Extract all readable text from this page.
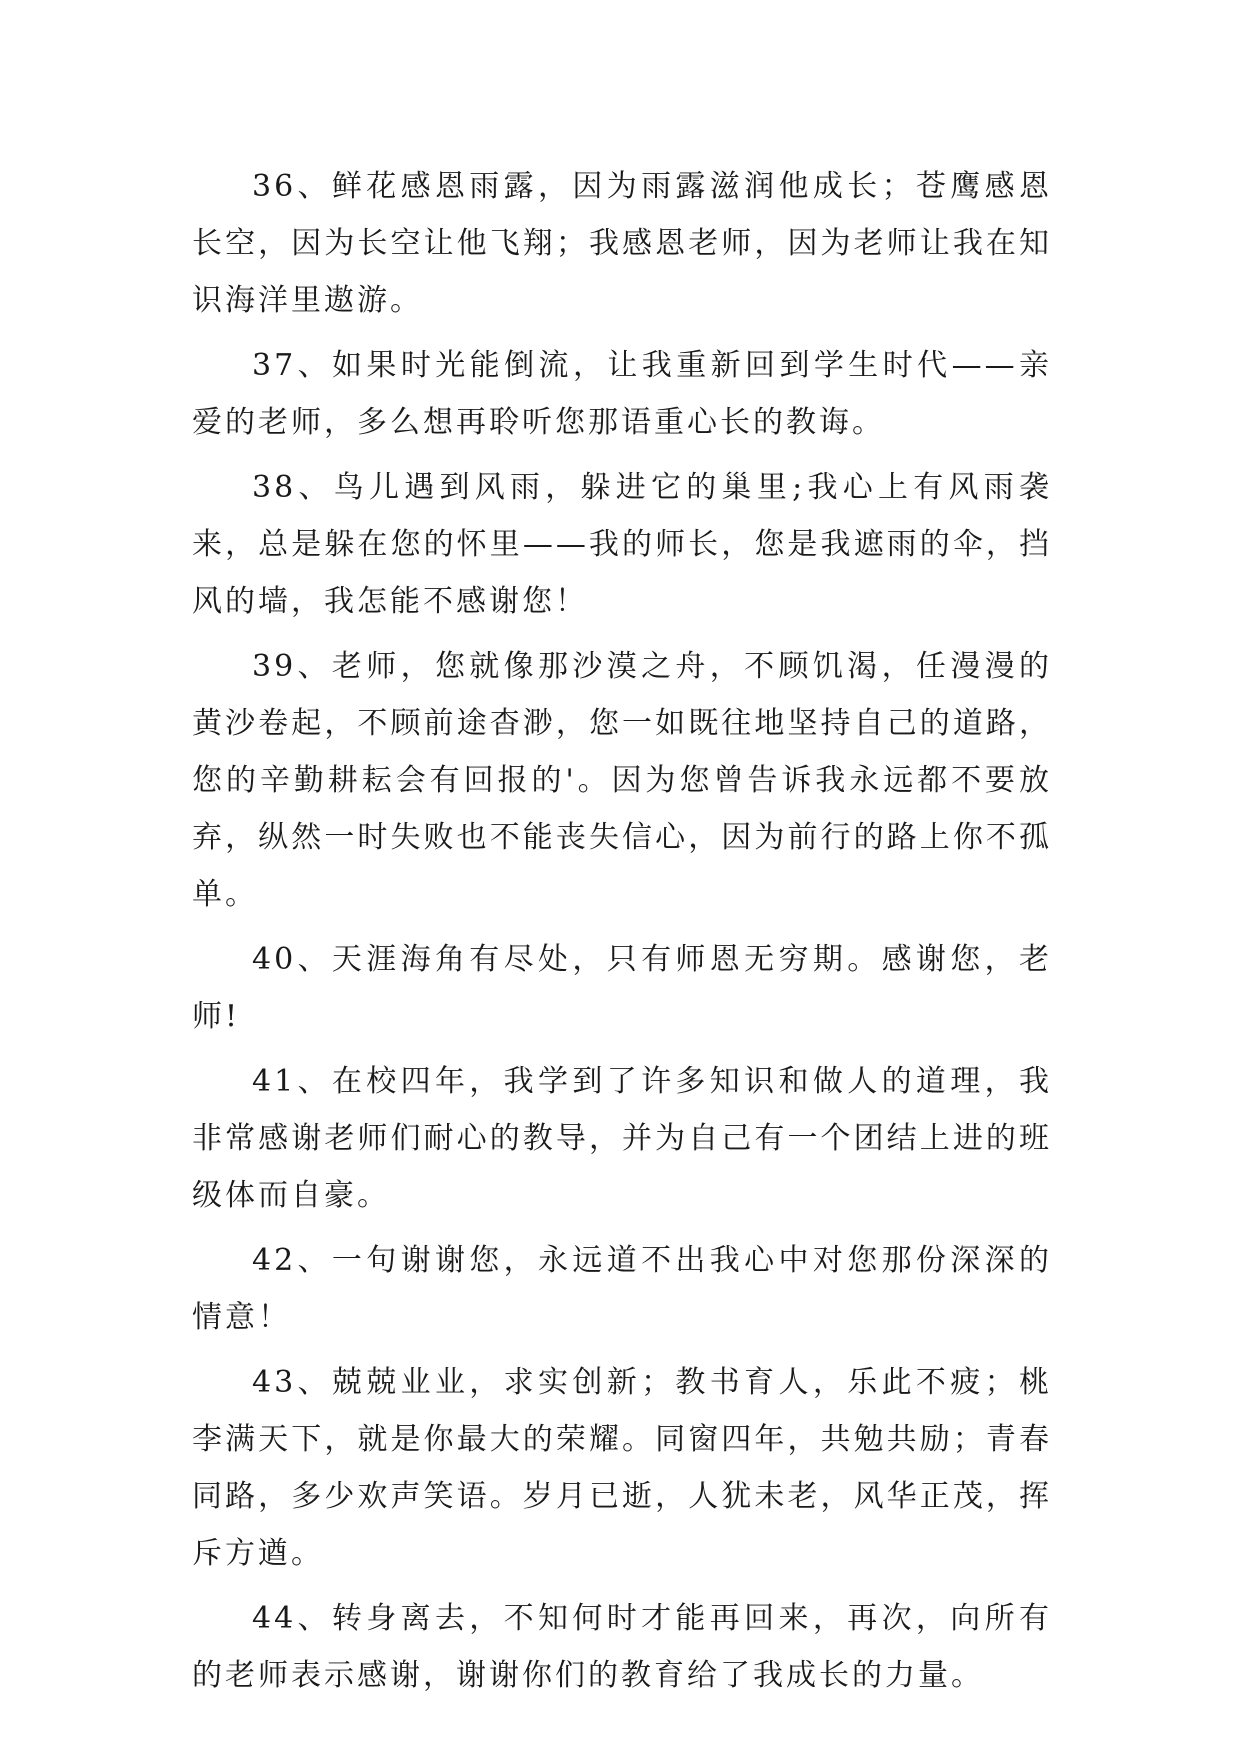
36、鲜花感恩雨露，因为雨露滋润他成长；苍鹰感恩长空，因为长空让他飞翔；我感恩老师，因为老师让我在知识海洋里遨游。

37、如果时光能倒流，让我重新回到学生时代——亲爱的老师，多么想再聆听您那语重心长的教诲。

38、鸟儿遇到风雨，躲进它的巢里;我心上有风雨袭来，总是躲在您的怀里——我的师长，您是我遮雨的伞，挡风的墙，我怎能不感谢您！

39、老师，您就像那沙漠之舟，不顾饥渴，任漫漫的黄沙卷起，不顾前途杳渺，您一如既往地坚持自己的道路，您的辛勤耕耘会有回报的'。因为您曾告诉我永远都不要放弃，纵然一时失败也不能丧失信心，因为前行的路上你不孤单。

40、天涯海角有尽处，只有师恩无穷期。感谢您，老师!

41、在校四年，我学到了许多知识和做人的道理，我非常感谢老师们耐心的教导，并为自己有一个团结上进的班级体而自豪。

42、一句谢谢您，永远道不出我心中对您那份深深的情意！

43、兢兢业业，求实创新；教书育人，乐此不疲；桃李满天下，就是你最大的荣耀。同窗四年，共勉共励；青春同路，多少欢声笑语。岁月已逝，人犹未老，风华正茂，挥斥方遒。

44、转身离去，不知何时才能再回来，再次，向所有的老师表示感谢，谢谢你们的教育给了我成长的力量。
